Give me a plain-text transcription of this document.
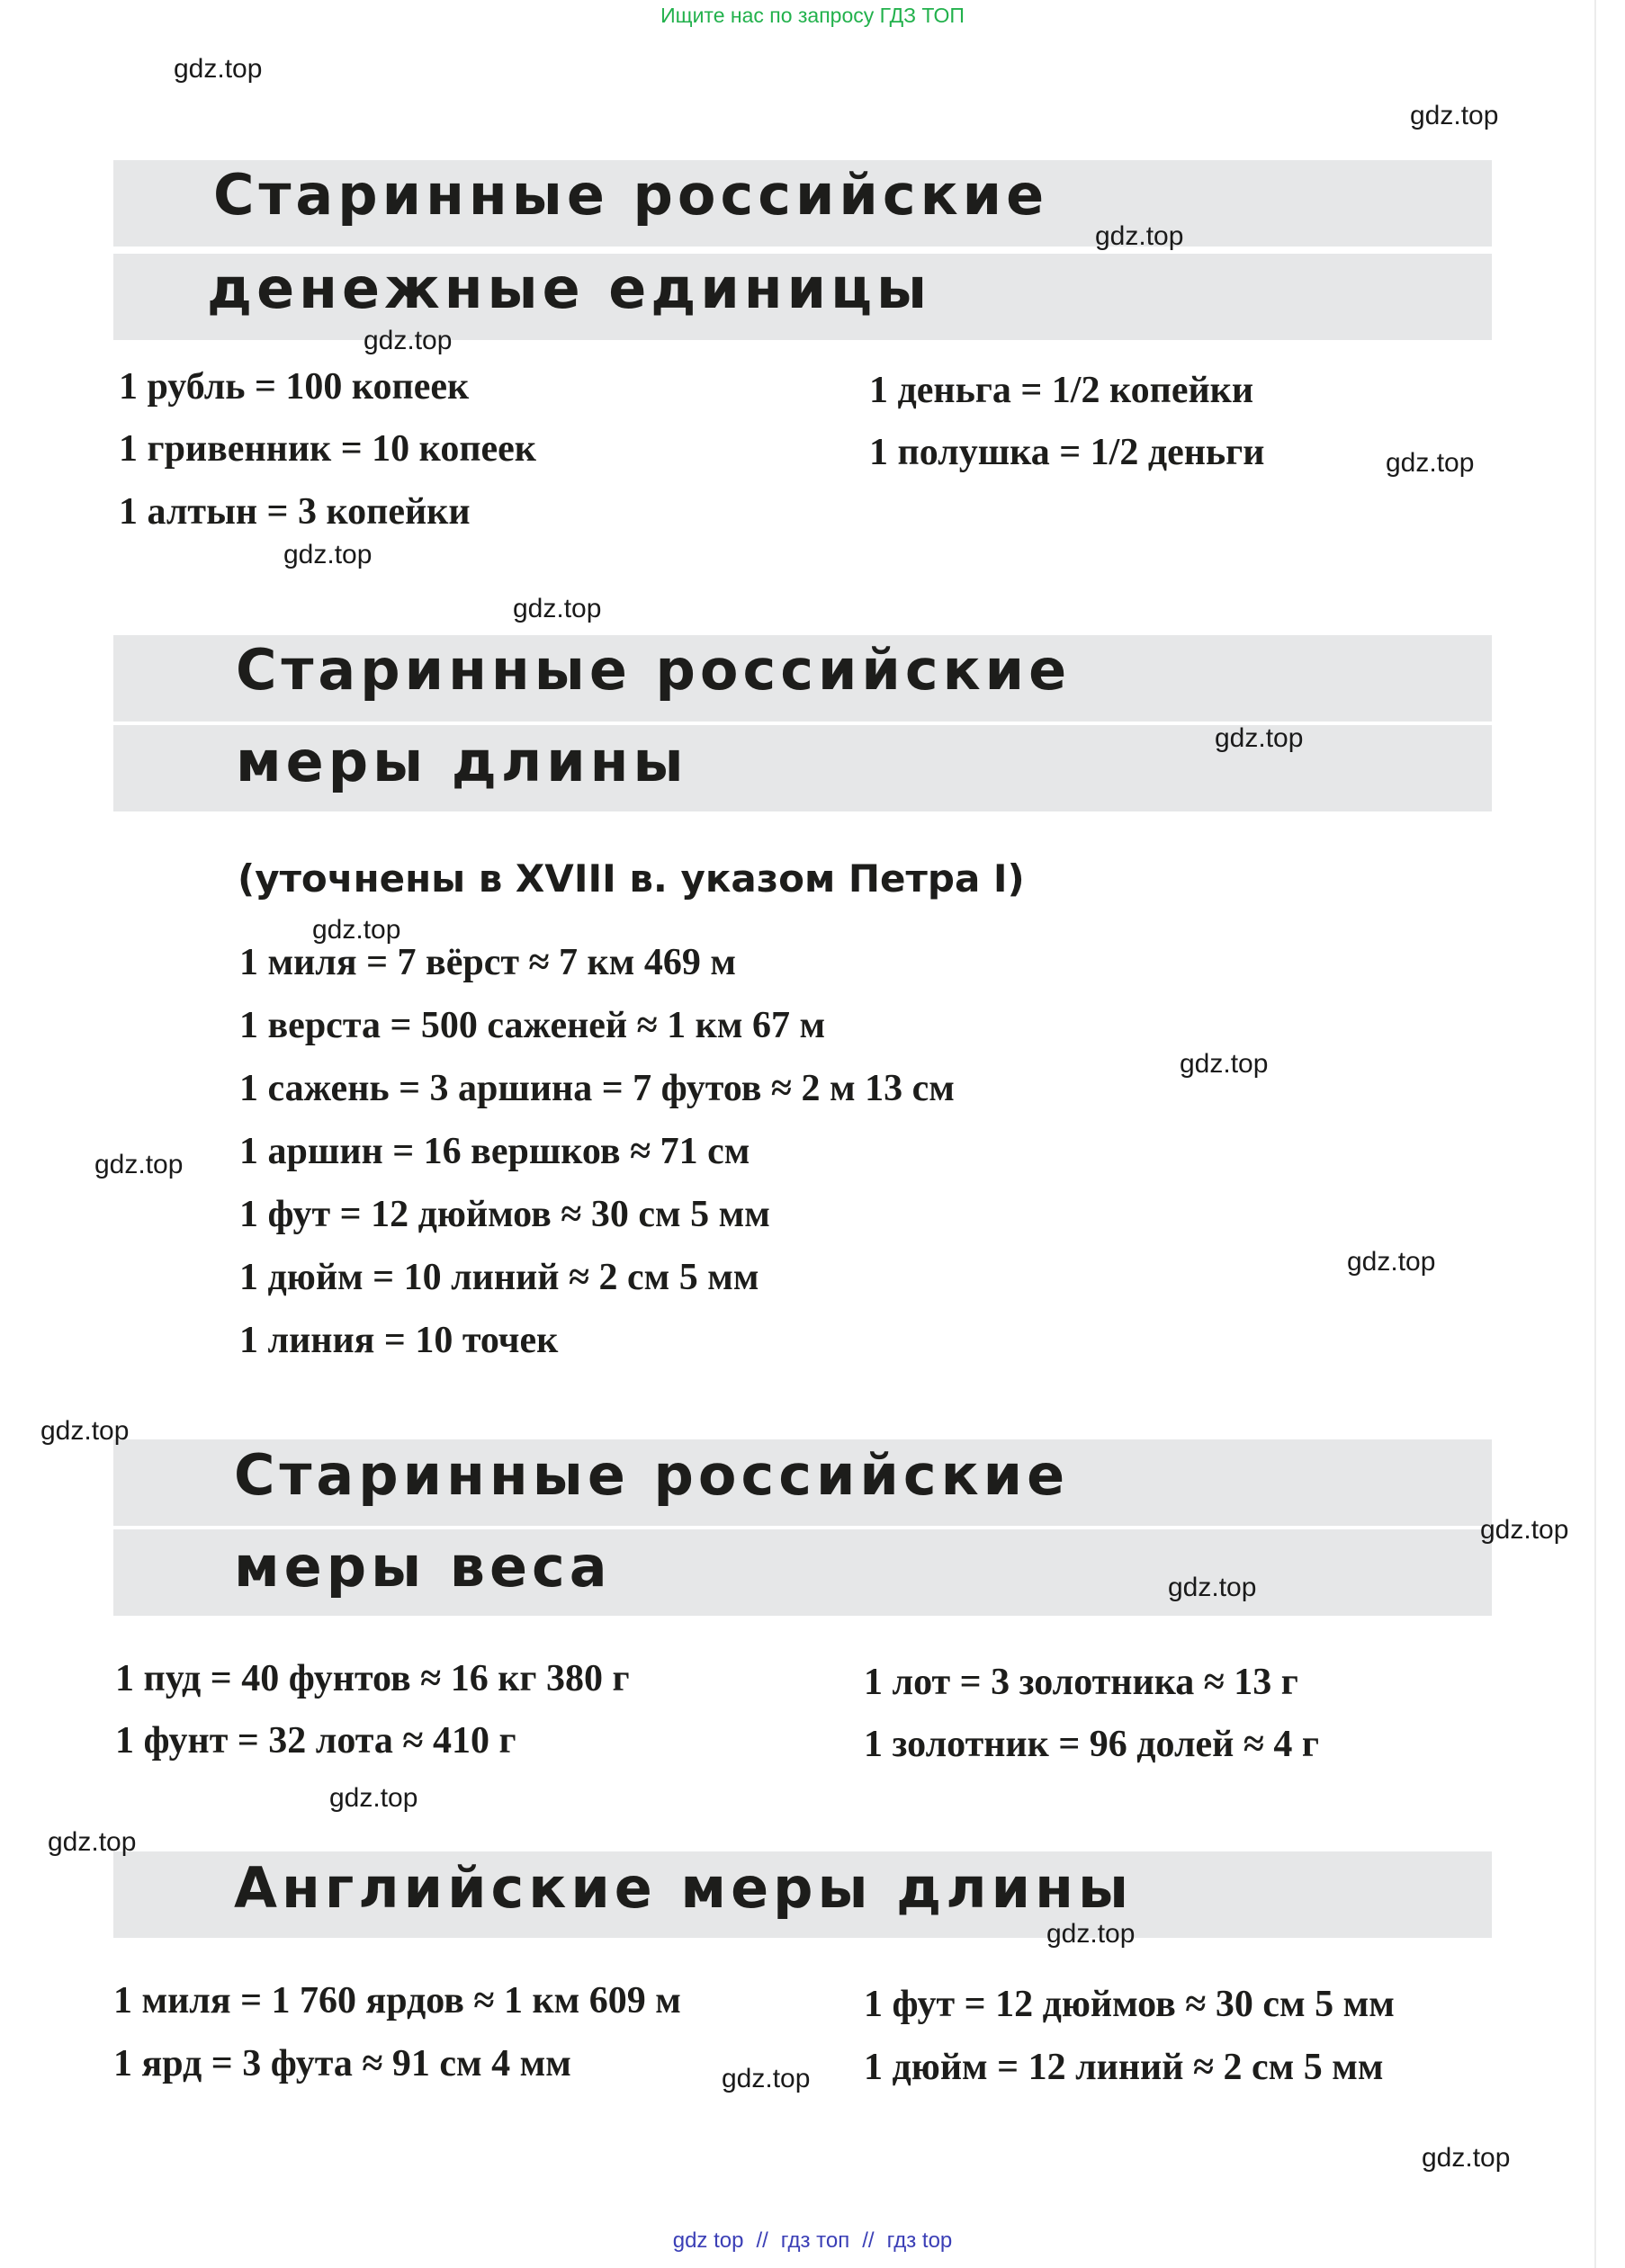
Ищите нас по запросу ГДЗ ТОП
Старинные российские
денежные единицы
1 рубль = 100 копеек
1 гривенник = 10 копеек
1 алтын = 3 копейки
1 деньга = 1/2 копейки
1 полушка = 1/2 деньги
Старинные российские
меры длины
(уточнены в XVIII в. указом Петра I)
1 миля = 7 вёрст ≈ 7 км 469 м
1 верста = 500 саженей ≈ 1 км 67 м
1 сажень = 3 аршина = 7 футов ≈ 2 м 13 см
1 аршин = 16 вершков ≈ 71 см
1 фут = 12 дюймов ≈ 30 см 5 мм
1 дюйм = 10 линий ≈ 2 см 5 мм
1 линия = 10 точек
Старинные российские
меры веса
1 пуд = 40 фунтов ≈ 16 кг 380 г
1 фунт = 32 лота ≈ 410 г
1 лот = 3 золотника ≈ 13 г
1 золотник = 96 долей ≈ 4 г
Английские меры длины
1 миля = 1 760 ярдов ≈ 1 км 609 м
1 ярд = 3 фута ≈ 91 см 4 мм
1 фут = 12 дюймов ≈ 30 см 5 мм
1 дюйм = 12 линий ≈ 2 см 5 мм
gdz.top
gdz.top
gdz.top
gdz.top
gdz.top
gdz.top
gdz.top
gdz.top
gdz.top
gdz.top
gdz.top
gdz.top
gdz.top
gdz.top
gdz.top
gdz.top
gdz.top
gdz.top
gdz.top
gdz.top
gdz top // гдз топ // гдз top
